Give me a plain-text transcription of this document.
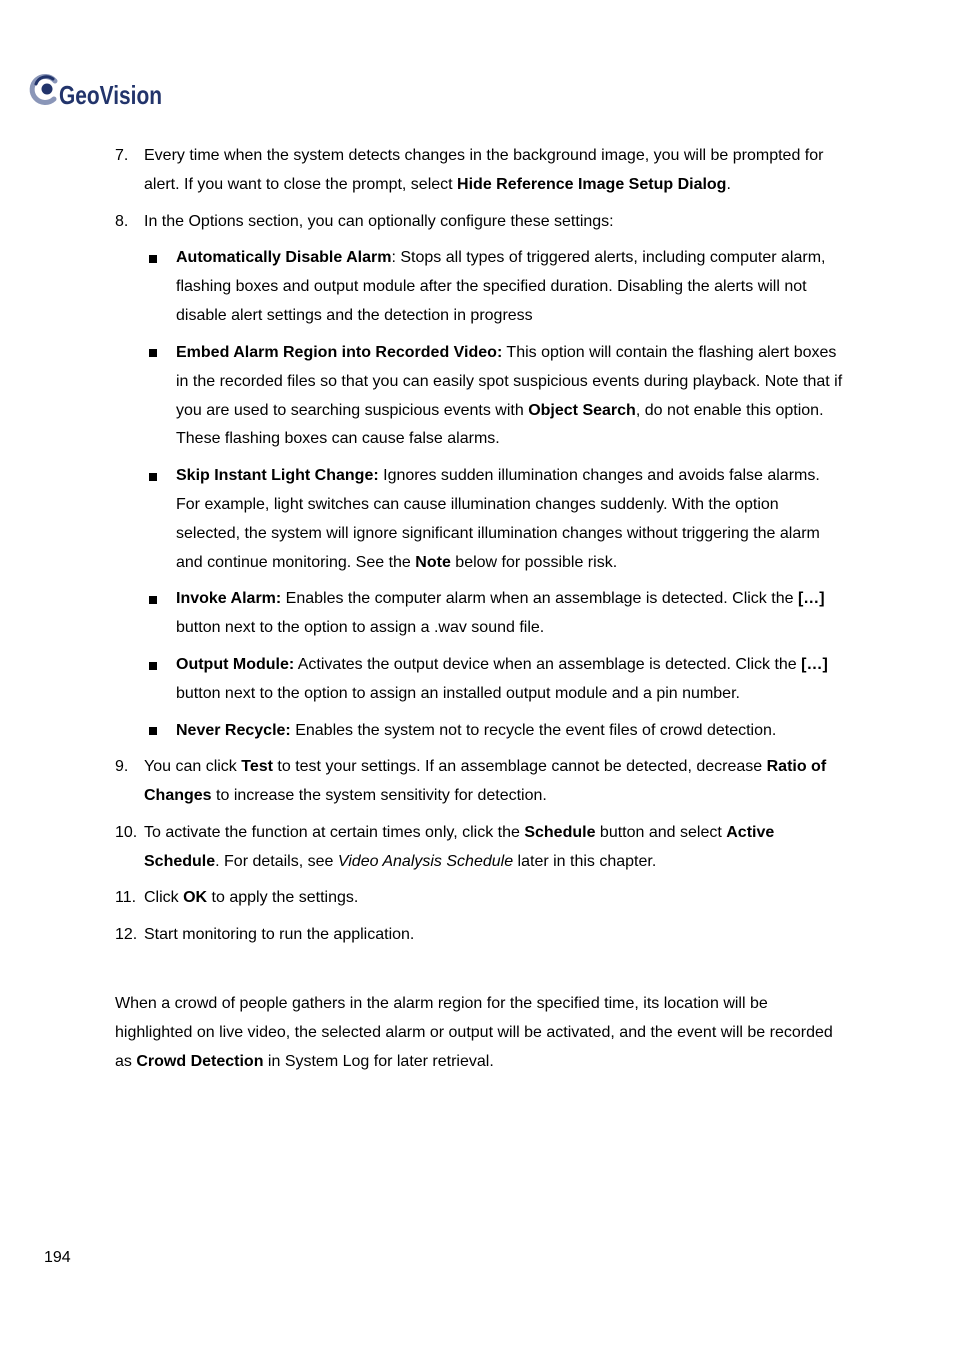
GeoVision
7. Every time when the system detects changes in the background image, you will be prompted for
alert. If you want to close the prompt, select Hide Reference Image Setup Dialog.
8. In the Options section, you can optionally configure these settings:
Automatically Disable Alarm: Stops all types of triggered alerts, including computer alarm,
flashing boxes and output module after the specified duration. Disabling the alerts will not
disable alert settings and the detection in progress
Embed Alarm Region into Recorded Video: This option will contain the flashing alert boxes
in the recorded files so that you can easily spot suspicious events during playback. Note that if
you are used to searching suspicious events with Object Search, do not enable this option.
These flashing boxes can cause false alarms.
Skip Instant Light Change: Ignores sudden illumination changes and avoids false alarms.
For example, light switches can cause illumination changes suddenly. With the option
selected, the system will ignore significant illumination changes without triggering the alarm
and continue monitoring. See the Note below for possible risk.
Invoke Alarm: Enables the computer alarm when an assemblage is detected. Click the […]
button next to the option to assign a .wav sound file.
Output Module: Activates the output device when an assemblage is detected. Click the […]
button next to the option to assign an installed output module and a pin number.
Never Recycle: Enables the system not to recycle the event files of crowd detection.
9. You can click Test to test your settings. If an assemblage cannot be detected, decrease Ratio of
Changes to increase the system sensitivity for detection.
10. To activate the function at certain times only, click the Schedule button and select Active
Schedule. For details, see Video Analysis Schedule later in this chapter.
11. Click OK to apply the settings.
12. Start monitoring to run the application.
When a crowd of people gathers in the alarm region for the specified time, its location will be
highlighted on live video, the selected alarm or output will be activated, and the event will be recorded
as Crowd Detection in System Log for later retrieval.
194
